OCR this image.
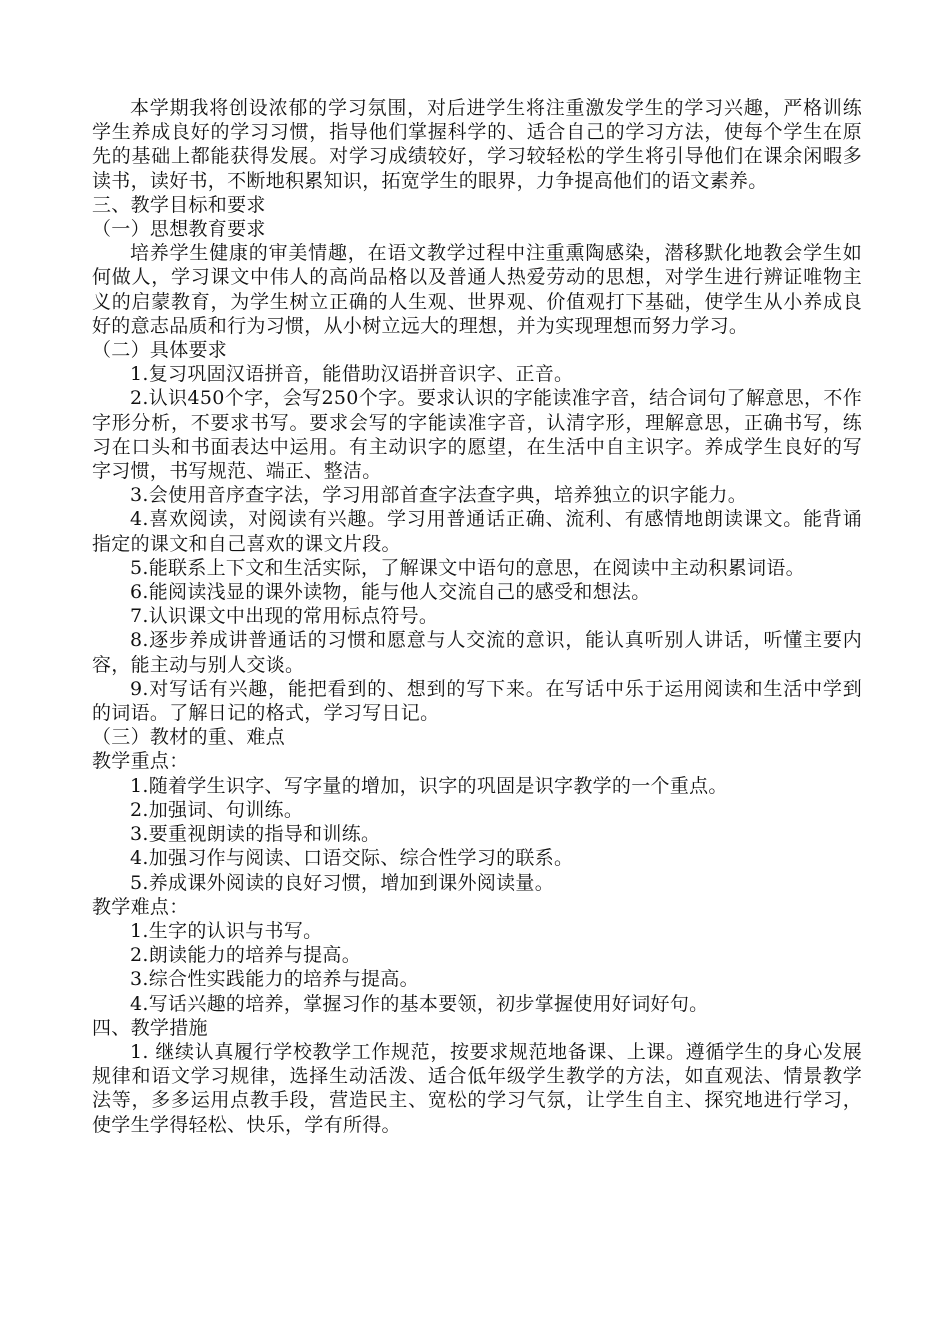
本学期我将创设浓郁的学习氛围，对后进学生将注重激发学生的学习兴趣，严格训练学生养成良好的学习习惯，指导他们掌握科学的、适合自己的学习方法，使每个学生在原先的基础上都能获得发展。对学习成绩较好，学习较轻松的学生将引导他们在课余闲暇多读书，读好书，不断地积累知识，拓宽学生的眼界，力争提高他们的语文素养。

三、教学目标和要求

（一）思想教育要求

培养学生健康的审美情趣，在语文教学过程中注重熏陶感染，潜移默化地教会学生如何做人，学习课文中伟人的高尚品格以及普通人热爱劳动的思想，对学生进行辨证唯物主义的启蒙教育，为学生树立正确的人生观、世界观、价值观打下基础，使学生从小养成良好的意志品质和行为习惯，从小树立远大的理想，并为实现理想而努力学习。

（二）具体要求

1.复习巩固汉语拼音，能借助汉语拼音识字、正音。

2.认识450个字，会写250个字。要求认识的字能读准字音，结合词句了解意思，不作字形分析，不要求书写。要求会写的字能读准字音，认清字形，理解意思，正确书写，练习在口头和书面表达中运用。有主动识字的愿望，在生活中自主识字。养成学生良好的写字习惯，书写规范、端正、整洁。

3.会使用音序查字法，学习用部首查字法查字典，培养独立的识字能力。

4.喜欢阅读，对阅读有兴趣。学习用普通话正确、流利、有感情地朗读课文。能背诵指定的课文和自己喜欢的课文片段。

5.能联系上下文和生活实际，了解课文中语句的意思，在阅读中主动积累词语。

6.能阅读浅显的课外读物，能与他人交流自己的感受和想法。

7.认识课文中出现的常用标点符号。

8.逐步养成讲普通话的习惯和愿意与人交流的意识，能认真听别人讲话，听懂主要内容，能主动与别人交谈。

9.对写话有兴趣，能把看到的、想到的写下来。在写话中乐于运用阅读和生活中学到的词语。了解日记的格式，学习写日记。

（三）教材的重、难点

教学重点：

1.随着学生识字、写字量的增加，识字的巩固是识字教学的一个重点。

2.加强词、句训练。

3.要重视朗读的指导和训练。

4.加强习作与阅读、口语交际、综合性学习的联系。

5.养成课外阅读的良好习惯，增加到课外阅读量。

教学难点：

1.生字的认识与书写。

2.朗读能力的培养与提高。

3.综合性实践能力的培养与提高。

4.写话兴趣的培养，掌握习作的基本要领，初步掌握使用好词好句。

四、教学措施

1. 继续认真履行学校教学工作规范，按要求规范地备课、上课。遵循学生的身心发展规律和语文学习规律，选择生动活泼、适合低年级学生教学的方法，如直观法、情景教学法等，多多运用点教手段，营造民主、宽松的学习气氛，让学生自主、探究地进行学习，使学生学得轻松、快乐，学有所得。
